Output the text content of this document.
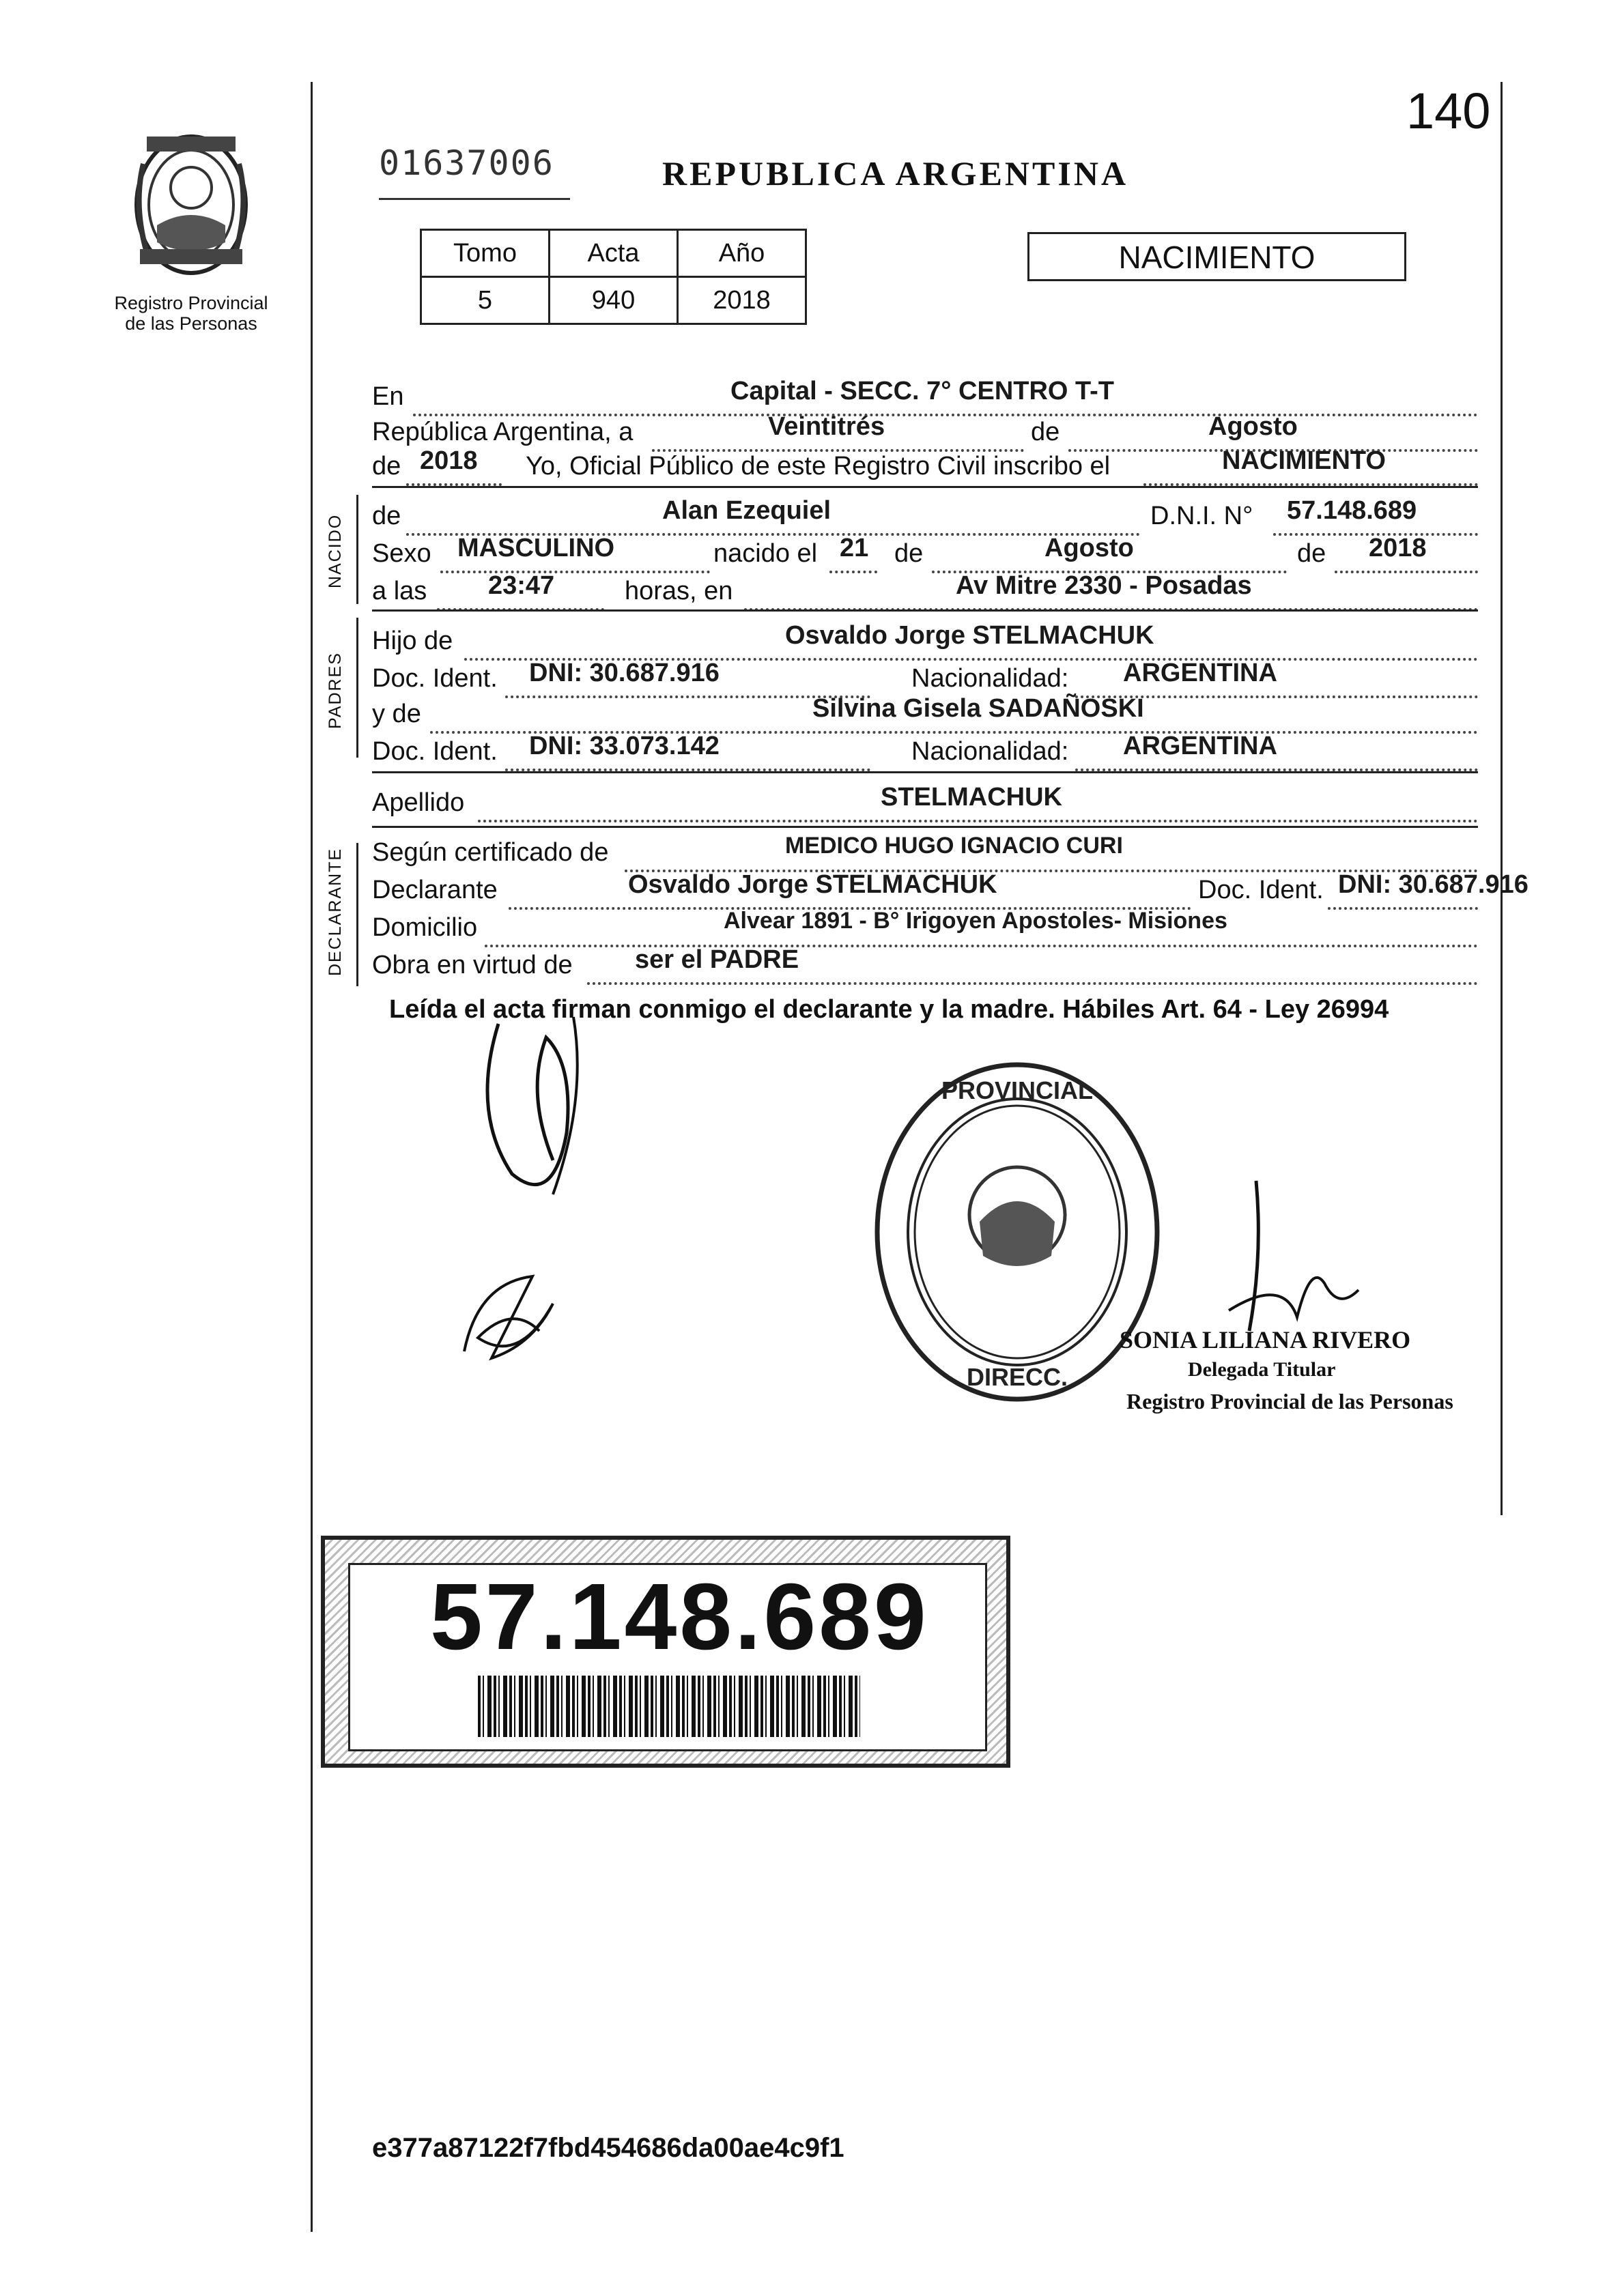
Registro Provincial
de las Personas
01637006	REPUBLICA ARGENTINA
140
Tomo	Acta	Año
5	940	2018
NACIMIENTO
En	Capital - SECC. 7° CENTRO T-T
República Argentina, a	Veintitrés	de	Agosto
de 2018 Yo, Oficial Público de este Registro Civil inscribo el	NACIMIENTO
NACIDO de	Alan Ezequiel	D.N.I. N° 57.148.689
Sexo MASCULINO	nacido el 21 de	Agosto	de 2018
a las 23:47	horas, en	Av Mitre 2330 - Posadas
PADRES
Hijo de	Osvaldo Jorge STELMACHUK
Doc. Ident. DNI: 30.687.916	Nacionalidad: ARGENTINA
y de	Silvina Gisela SADAÑOSKI
Doc. Ident. DNI: 33.073.142	Nacionalidad: ARGENTINA
Apellido	STELMACHUK
DECLARANTE Según certificado de	MEDICO HUGO IGNACIO CURI
Declarante	Osvaldo Jorge STELMACHUK	Doc. Ident. DNI: 30.687.916
Domicilio	Alvear 1891 - B° Irigoyen Apostoles- Misiones
Obra en virtud de ser el PADRE
Leída el acta firman conmigo el declarante y la madre. Hábiles Art. 64 - Ley 26994
PROVINCIAL
DIRECC.
SONIA LILIANA RIVERO
Delegada Titular
Registro Provincial de las Personas
57.148.689
e377a87122f7fbd454686da00ae4c9f1
